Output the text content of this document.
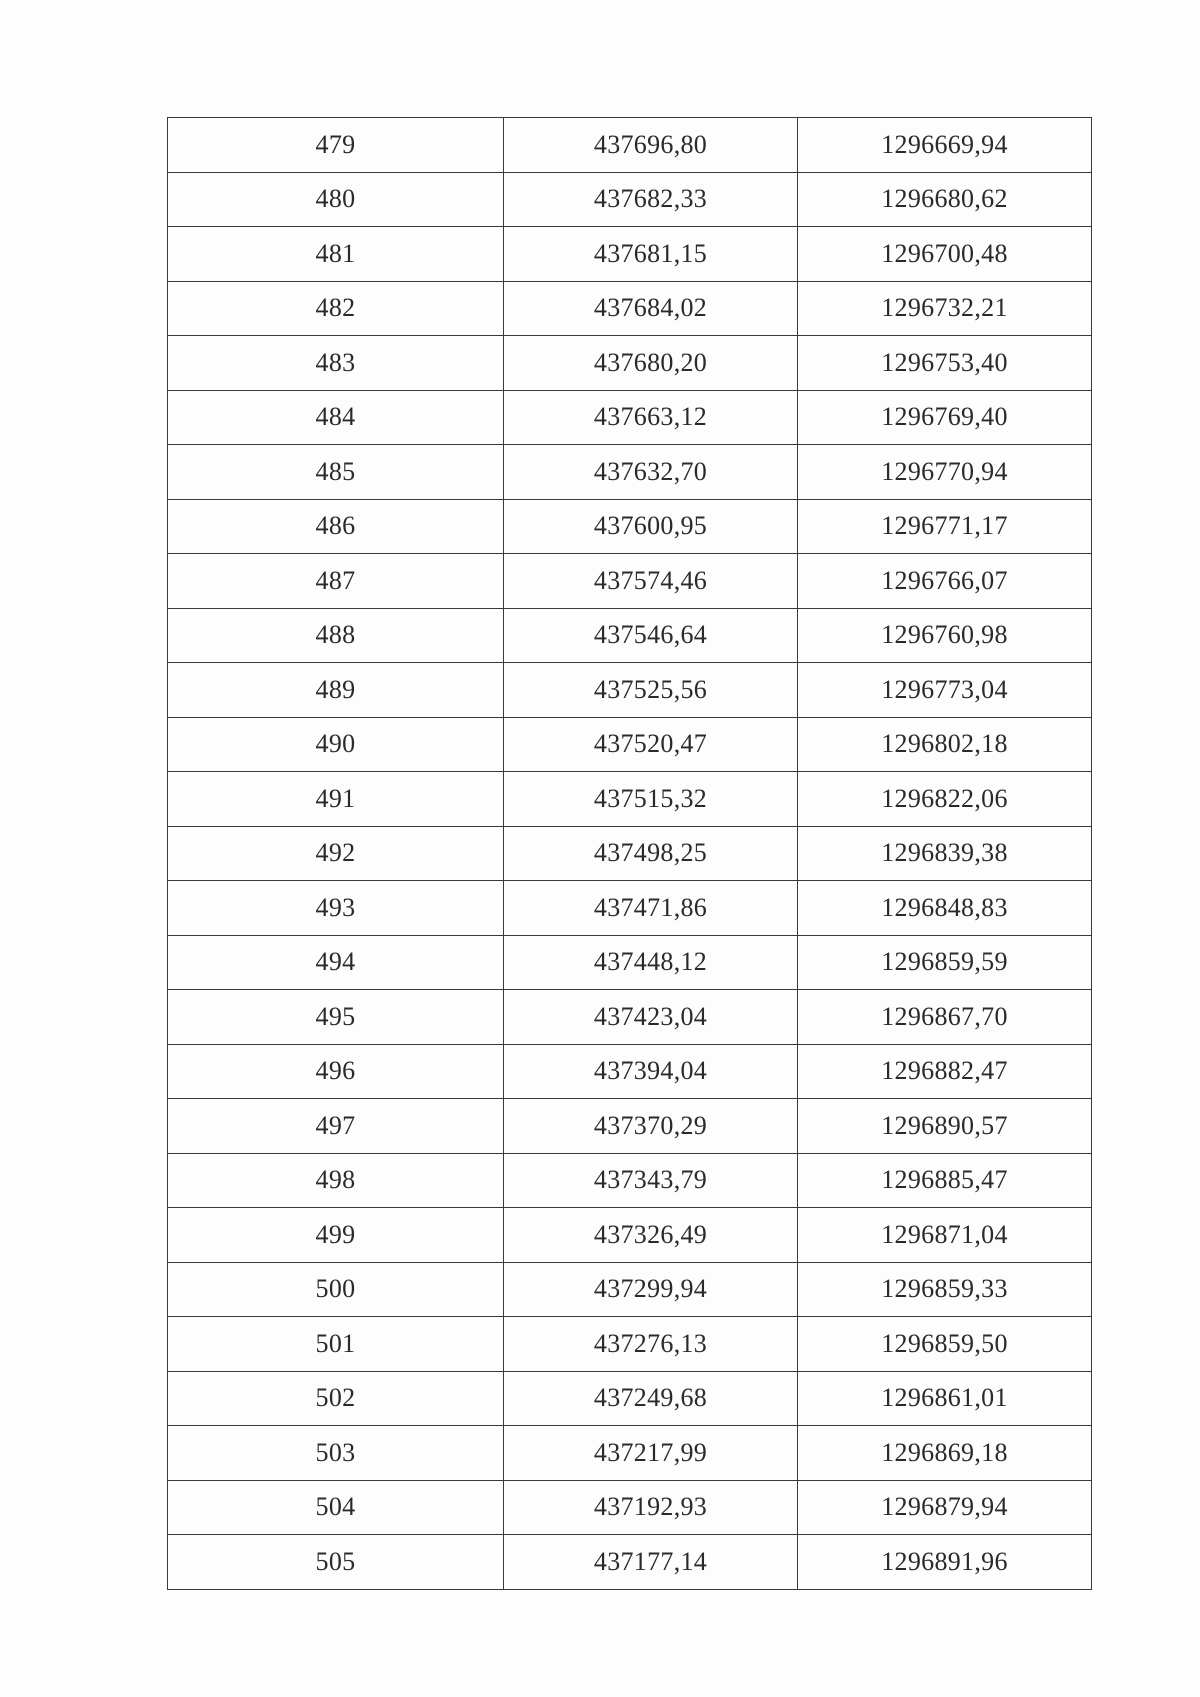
479	437696,80	1296669,94
480	437682,33	1296680,62
481	437681,15	1296700,48
482	437684,02	1296732,21
483	437680,20	1296753,40
484	437663,12	1296769,40
485	437632,70	1296770,94
486	437600,95	1296771,17
487	437574,46	1296766,07
488	437546,64	1296760,98
489	437525,56	1296773,04
490	437520,47	1296802,18
491	437515,32	1296822,06
492	437498,25	1296839,38
493	437471,86	1296848,83
494	437448,12	1296859,59
495	437423,04	1296867,70
496	437394,04	1296882,47
497	437370,29	1296890,57
498	437343,79	1296885,47
499	437326,49	1296871,04
500	437299,94	1296859,33
501	437276,13	1296859,50
502	437249,68	1296861,01
503	437217,99	1296869,18
504	437192,93	1296879,94
505	437177,14	1296891,96
